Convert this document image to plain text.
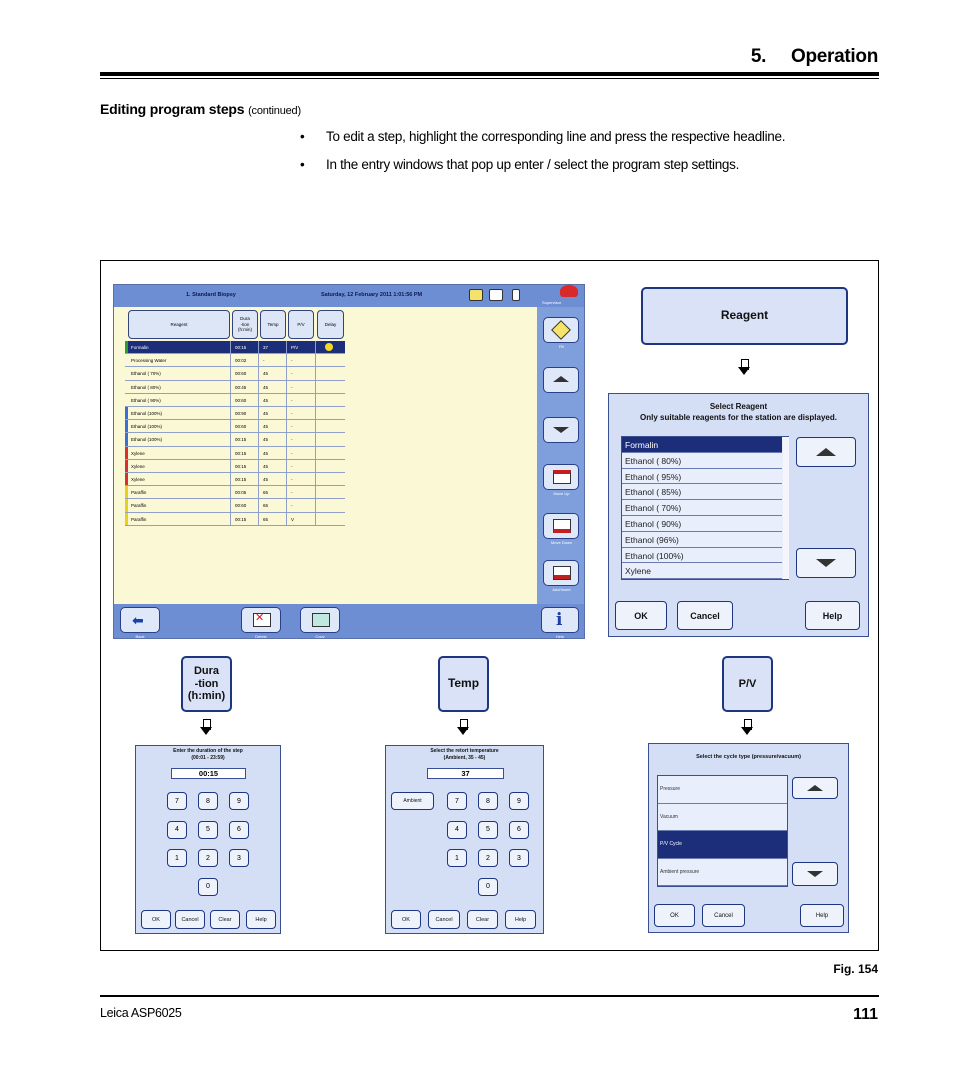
5.     Operation
Editing program steps (continued)
• To edit a step, highlight the corresponding line and press the respective headline.
• In the entry windows that pop up enter / select the program step settings.
1. Standard Biopsy	Saturday, 12 February 2011 1:01:56 PM
Supervisor
Reagent
Dura
-tion
(h:min)
Temp	P/V	Delay
Formalin	00:15	37	P/V
Processing Water	00:02	-	-
Ethanol ( 70%)	00:60	45	-
Ethanol ( 80%)	00:45	45	-
Ethanol ( 90%)	00:60	45	-
Ethanol (100%)	00:90	45	-
Ethanol (100%)	00:60	45	-
Ethanol (100%)	00:15	45	-
Xylene	00:15	45	-
Xylene	00:15	45	-
Xylene	00:15	45	-
Paraffin	00:05	65	-
Paraffin	00:60	65	-
Paraffin	00:15	65	V
Fill
Move Up
Move Down
Add/Insert
⬅
Back
✕
Delete	Copy
i
Help
Reagent
Select Reagent
Only suitable reagents for the station are displayed.
Formalin
Ethanol ( 80%)
Ethanol ( 95%)
Ethanol ( 85%)
Ethanol ( 70%)
Ethanol ( 90%)
Ethanol (96%)
Ethanol (100%)
Xylene
OK	Cancel	Help
Dura
-tion
(h:min)
Enter the duration of the step
(00:01 - 23:59)
00:15
7	8	9
4	5	6
1	2	3
0
OK	Cancel	Clear	Help
Temp
Select the retort temperature
(Ambient, 35 - 45)
37
Ambient	7	8	9
4	5	6
1	2	3
0
OK	Cancel	Clear	Help
P/V
Select the cycle type (pressure/vacuum)
Pressure
Vacuum
P/V Cycle
Ambient pressure
OK	Cancel	Help
Fig. 154
Leica ASP6025	111
